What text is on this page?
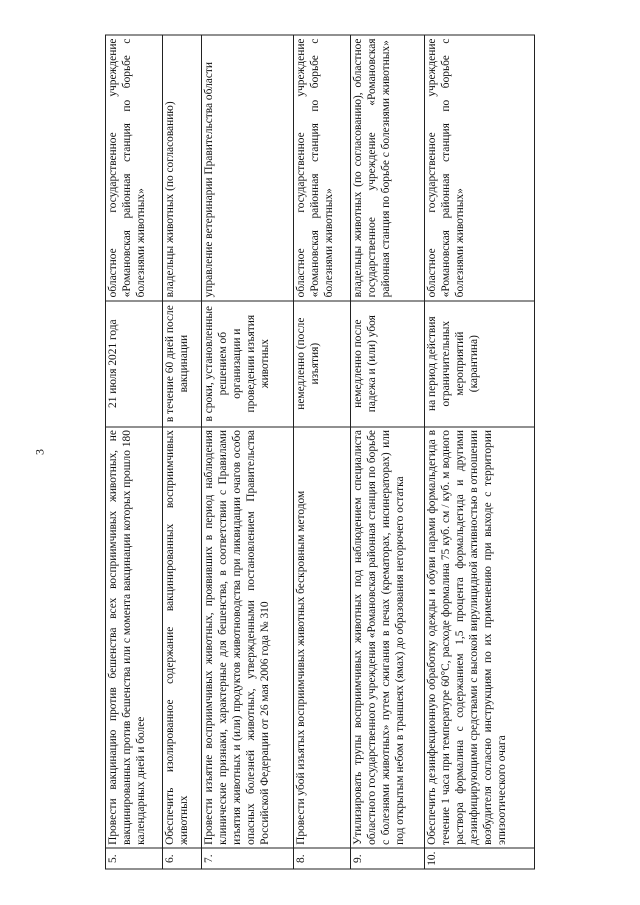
3
5.	Провести вакцинацию против бешенства всех восприимчивых животных, не вакцинированных против бешенства или с момента вакцинации которых прошло 180 календарных дней и более	21 июля 2021 года	областное государственное учреждение «Романовская районная станция по борьбе с болезнями животных»
6.	Обеспечить изолированное содержание вакцинированных восприимчивых животных	в течение 60 дней после вакцинации	владельцы животных (по согласованию)
7.	Провести изъятие восприимчивых животных, проявивших в период наблюдения клинические признаки, характерные для бешенства, в соответствии с Правилами изъятия животных и (или) продуктов животноводства при ликвидации очагов особо опасных болезней животных, утвержденными постановлением Правительства Российской Федерации от 26 мая 2006 года № 310	в сроки, установленные решением об организации и проведении изъятия животных	управление ветеринарии Правительства области
8.	Провести убой изъятых восприимчивых животных бескровным методом	немедленно (после изъятия)	областное государственное учреждение «Романовская районная станция по борьбе с болезнями животных»
9.	Утилизировать трупы восприимчивых животных под наблюдением специалиста областного государственного учреждения «Романовская районная станция по борьбе с болезнями животных» путем сжигания в печах (крематорах, инсинераторах) или под открытым небом в траншеях (ямах) до образования негорючего остатка	немедленно после падежа и (или) убоя	владельцы животных (по согласованию), областное государственное учреждение «Романовская районная станция по борьбе с болезнями животных»
10.	Обеспечить дезинфекционную обработку одежды и обуви парами формальдегида в течение 1 часа при температуре 60°С, расходе формалина 75 куб. см / куб. м водного раствора формалина с содержанием 1,5 процента формальдегида и другими дезинфицирующими средствами с высокой вирулицидной активностью в отношении возбудителя согласно инструкциям по их применению при выходе с территории эпизоотического очага	на период действия ограничительных мероприятий (карантина)	областное государственное учреждение «Романовская районная станция по борьбе с болезнями животных»
